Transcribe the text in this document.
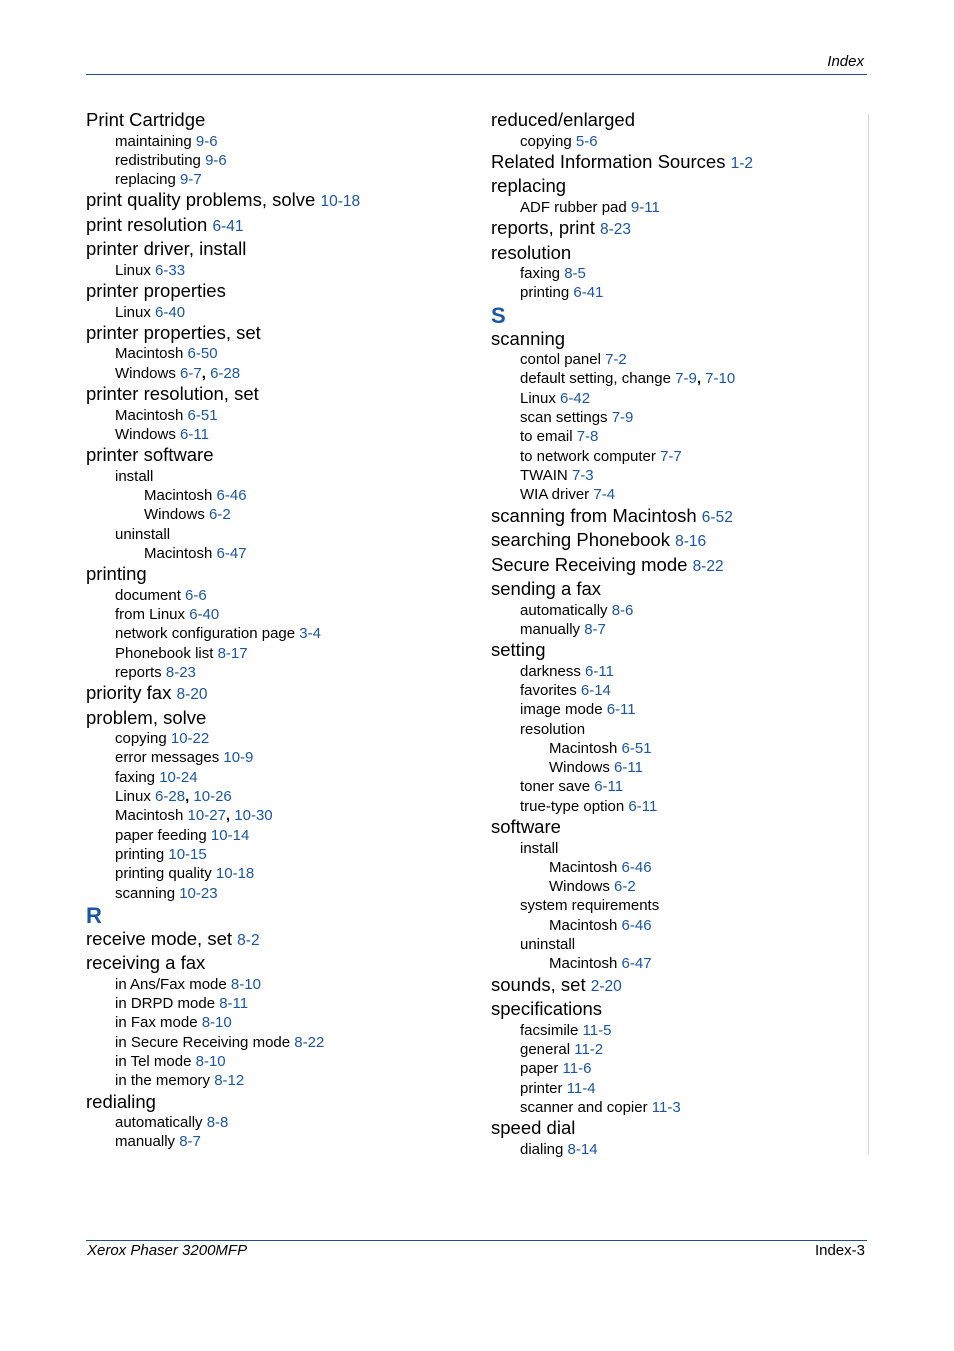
Index
Print Cartridge
maintaining 9-6
redistributing 9-6
replacing 9-7
print quality problems, solve 10-18
print resolution 6-41
printer driver, install
Linux 6-33
printer properties
Linux 6-40
printer properties, set
Macintosh 6-50
Windows 6-7, 6-28
printer resolution, set
Macintosh 6-51
Windows 6-11
printer software
install
Macintosh 6-46
Windows 6-2
uninstall
Macintosh 6-47
printing
document 6-6
from Linux 6-40
network configuration page 3-4
Phonebook list 8-17
reports 8-23
priority fax 8-20
problem, solve
copying 10-22
error messages 10-9
faxing 10-24
Linux 6-28, 10-26
Macintosh 10-27, 10-30
paper feeding 10-14
printing 10-15
printing quality 10-18
scanning 10-23
R
receive mode, set 8-2
receiving a fax
in Ans/Fax mode 8-10
in DRPD mode 8-11
in Fax mode 8-10
in Secure Receiving mode 8-22
in Tel mode 8-10
in the memory 8-12
redialing
automatically 8-8
manually 8-7
reduced/enlarged
copying 5-6
Related Information Sources 1-2
replacing
ADF rubber pad 9-11
reports, print 8-23
resolution
faxing 8-5
printing 6-41
S
scanning
contol panel 7-2
default setting, change 7-9, 7-10
Linux 6-42
scan settings 7-9
to email 7-8
to network computer 7-7
TWAIN 7-3
WIA driver 7-4
scanning from Macintosh 6-52
searching Phonebook 8-16
Secure Receiving mode 8-22
sending a fax
automatically 8-6
manually 8-7
setting
darkness 6-11
favorites 6-14
image mode 6-11
resolution
Macintosh 6-51
Windows 6-11
toner save 6-11
true-type option 6-11
software
install
Macintosh 6-46
Windows 6-2
system requirements
Macintosh 6-46
uninstall
Macintosh 6-47
sounds, set 2-20
specifications
facsimile 11-5
general 11-2
paper 11-6
printer 11-4
scanner and copier 11-3
speed dial
dialing 8-14
Xerox Phaser 3200MFP	Index-3
